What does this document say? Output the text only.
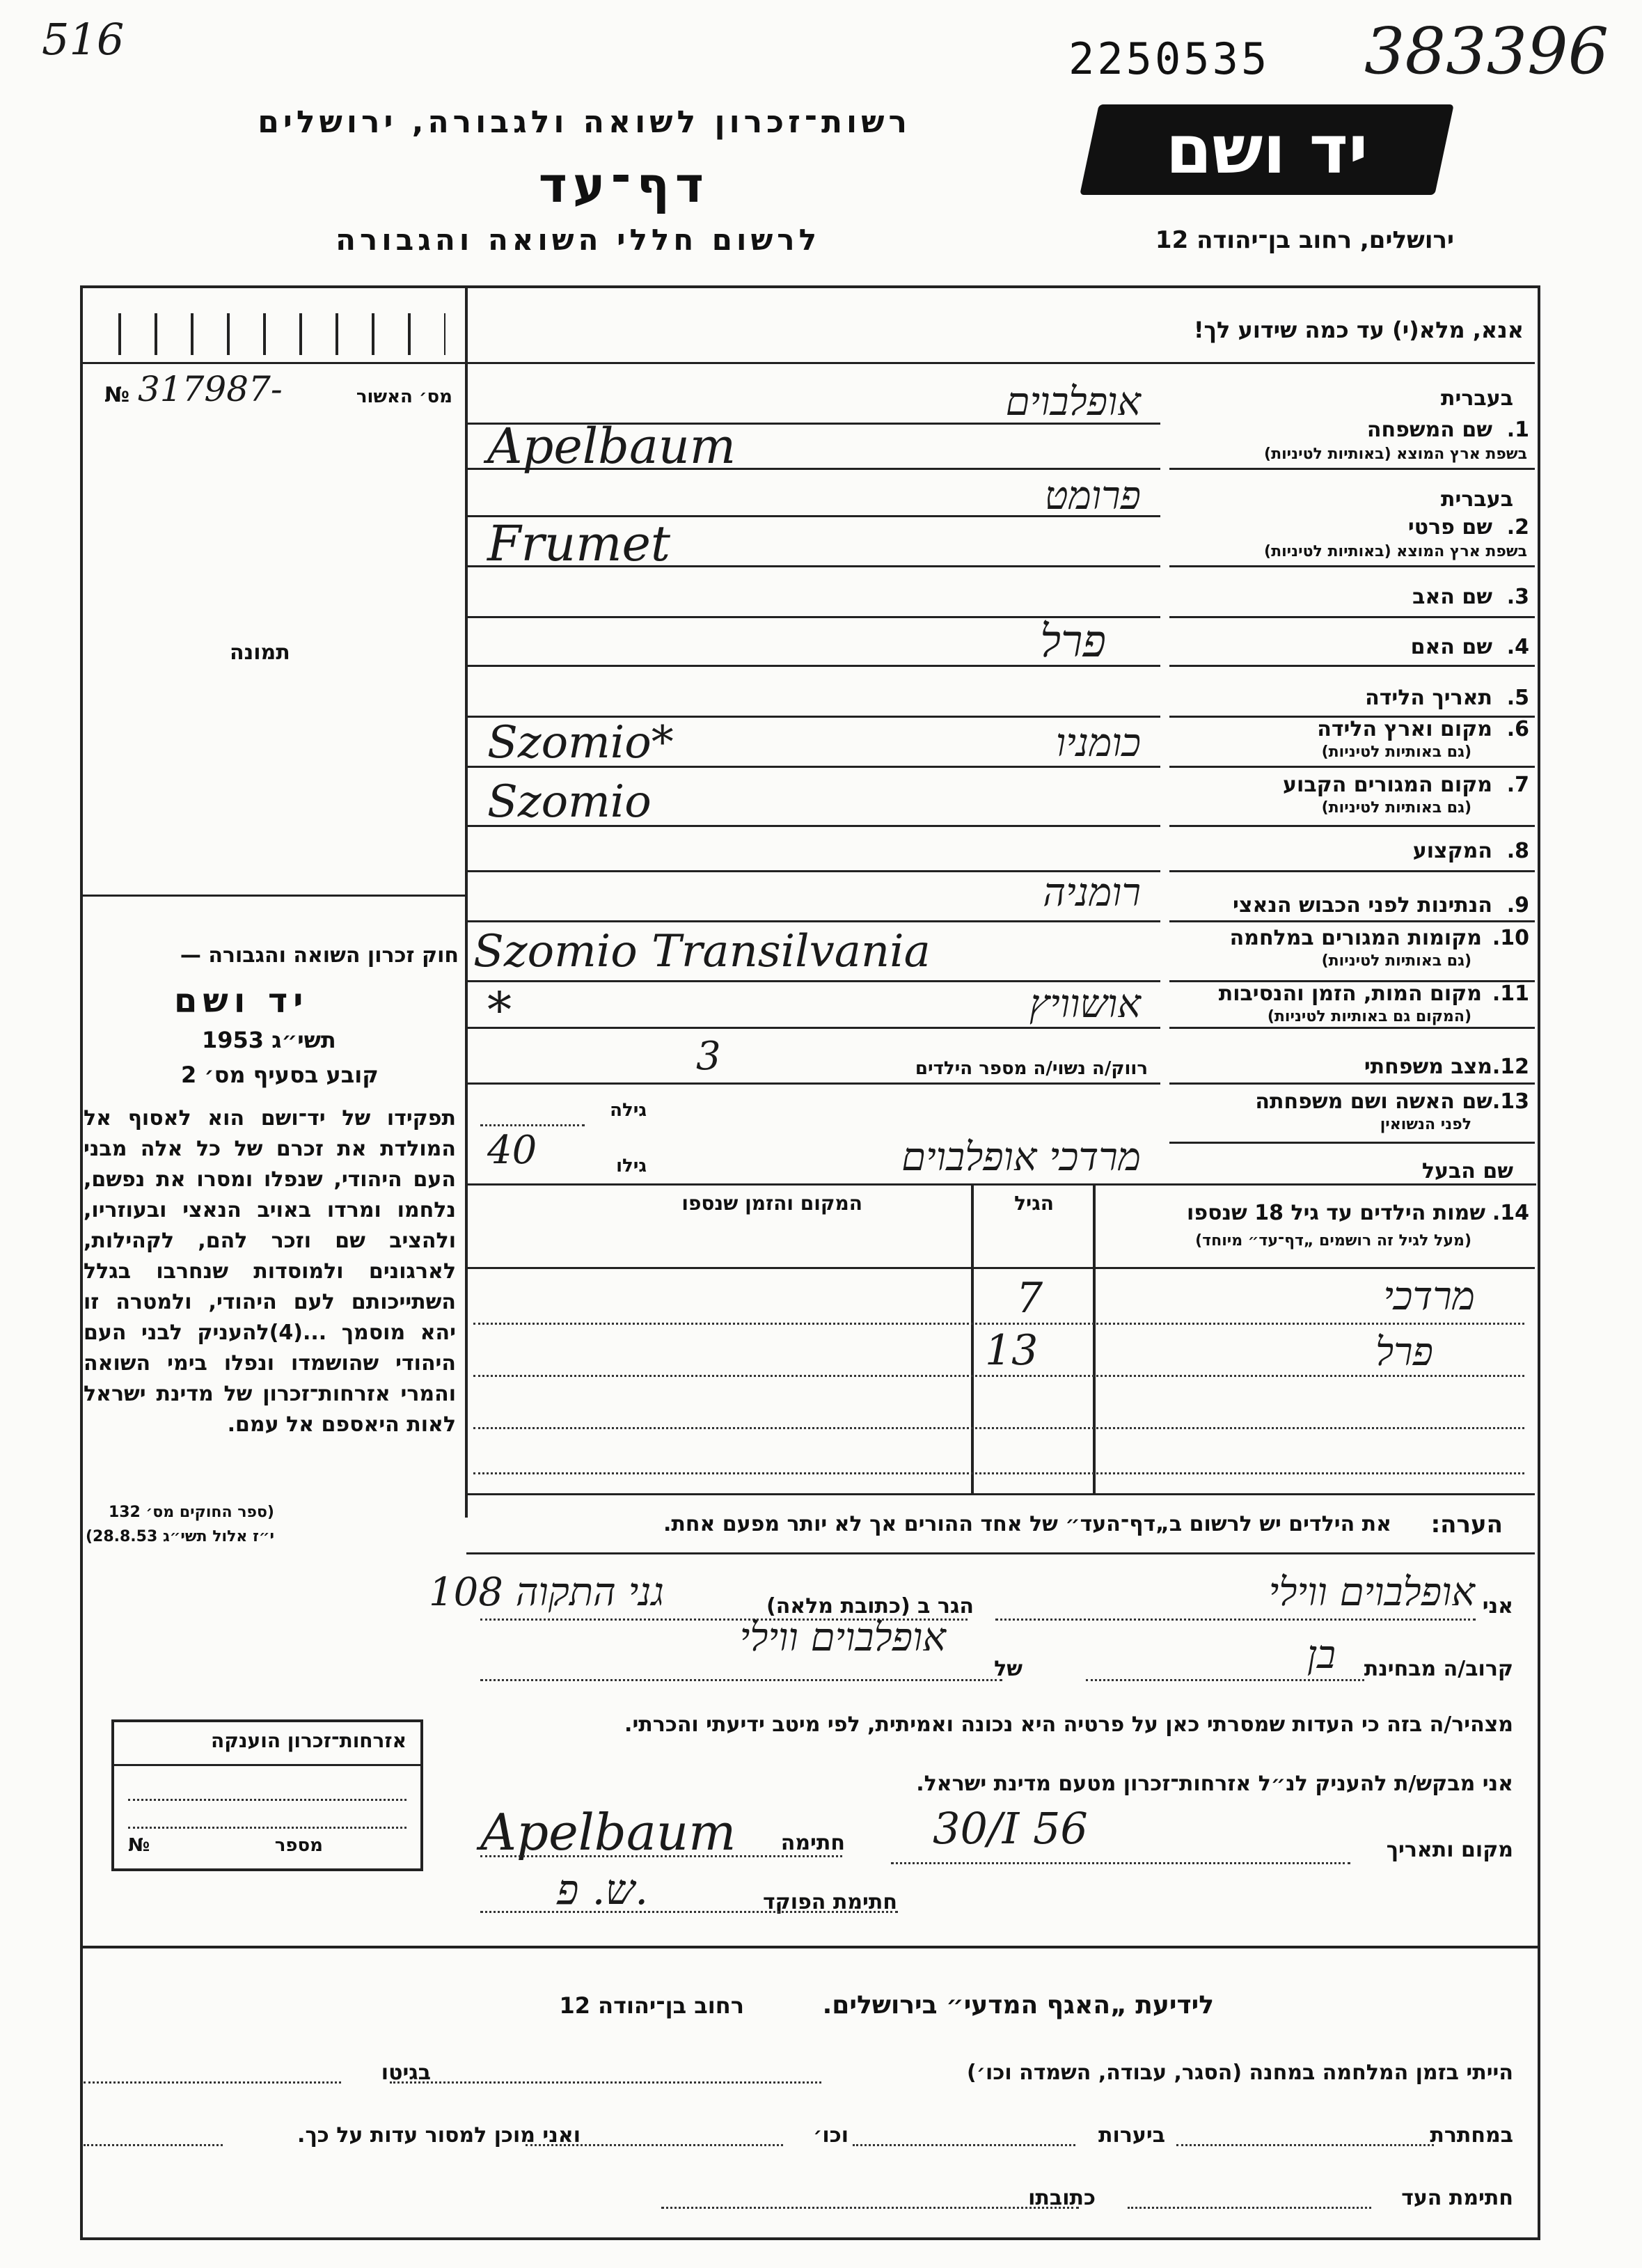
516	2250535 383396
רשות־זכרון לשואה ולגבורה, ירושלים
דף־עד
לרשום חללי השואה והגבורה
יד ושם
ירושלים, רחוב בן־יהודה 12
מס׳ האשור
№ 317987-
תמונה
חוק זכרון השואה והגבורה —
יד ושם
תשי״ג 1953
קובע בסעיף מס׳ 2
תפקידו של יד־ושם הוא לאסוף אל המולדת את זכרם של כל אלה מבני העם היהודי, שנפלו ומסרו את נפשם, נלחמו ומרדו באויב הנאצי ובעוזריו, ולהציב שם וזכר להם, לקהילות, לארגונים ולמוסדות שנחרבו בגלל השתייכותם לעם היהודי, ולמטרה זו יהא מוסמך ...(4)להעניק לבני העם היהודי שהושמדו ונפלו בימי השואה והמרי אזרחות־זכרון של מדינת ישראל לאות היאספם אל עמם.
(ספר החוקים מס׳ 132
י״ז אלול תשי״ג 28.8.53)
אזרחות־זכרון הוענקה
מספר
№
אנא, מלא(י) עד כמה שידוע לך!
בעברית
1.
שם המשפחה
בשפת ארץ המוצא (באותיות לטיניות)
אופלבוים
Apelbaum
בעברית
2.
שם פרטי
בשפת ארץ המוצא (באותיות לטיניות)
פרומט
Frumet
3.
שם האב
4.
שם האם
פרל
5.
תאריך הלידה
6.
מקום וארץ הלידה
(גם באותיות לטיניות)
כומניו
Szomio*
7.
מקום המגורים הקבוע
(גם באותיות לטיניות)
Szomio
8.
המקצוע
9.
הנתינות לפני הכבוש הנאצי
רומניה
10.
מקומות המגורים במלחמה
(גם באותיות לטיניות)
Szomio Transilvania
11.
מקום המות, הזמן והנסיבות
(המקום גם באותיות לטיניות)
אושוויץ
*
12.
מצב משפחתי
רווק/ה נשוי/ה מספר הילדים
3
13.
שם האשה ושם משפחתה
לפני הנשואין
גילה
שם הבעל
מרדכי אופלבוים
גילו
40
14.
שמות הילדים עד גיל 18 שנספו
(מעל לגיל זה רושמים „דף־עד״ מיוחד)
הגיל
המקום והזמן שנספו
מרדכי
7
פרל
13
הערה:
את הילדים יש לרשום ב„דף־העד״ של אחד ההורים אך לא יותר מפעם אחת.
אני
אופלבוים ווילי
הגר ב (כתובת מלאה)
גני התקוה 108
קרוב/ה מבחינת
בן
של
אופלבוים ווילי
מצהיר/ה בזה כי העדות שמסרתי כאן על פרטיה היא נכונה ואמיתית, לפי מיטב ידיעתי והכרתי.
אני מבקש/ת להעניק לנ״ל אזרחות־זכרון מטעם מדינת ישראל.
מקום ותאריך
30/I 56
חתימה
Apelbaum
חתימת הפוקד
ש. פ.
לידיעת „האגף המדעי״ בירושלים.
רחוב בן־יהודה 12
הייתי בזמן המלחמה במחנה (הסגר, עבודה, השמדה וכו׳)
בגיטו
במחתרת
ביערות
וכו׳
ואני מוכן למסור עדות על כך.
חתימת העד
כתובתו
